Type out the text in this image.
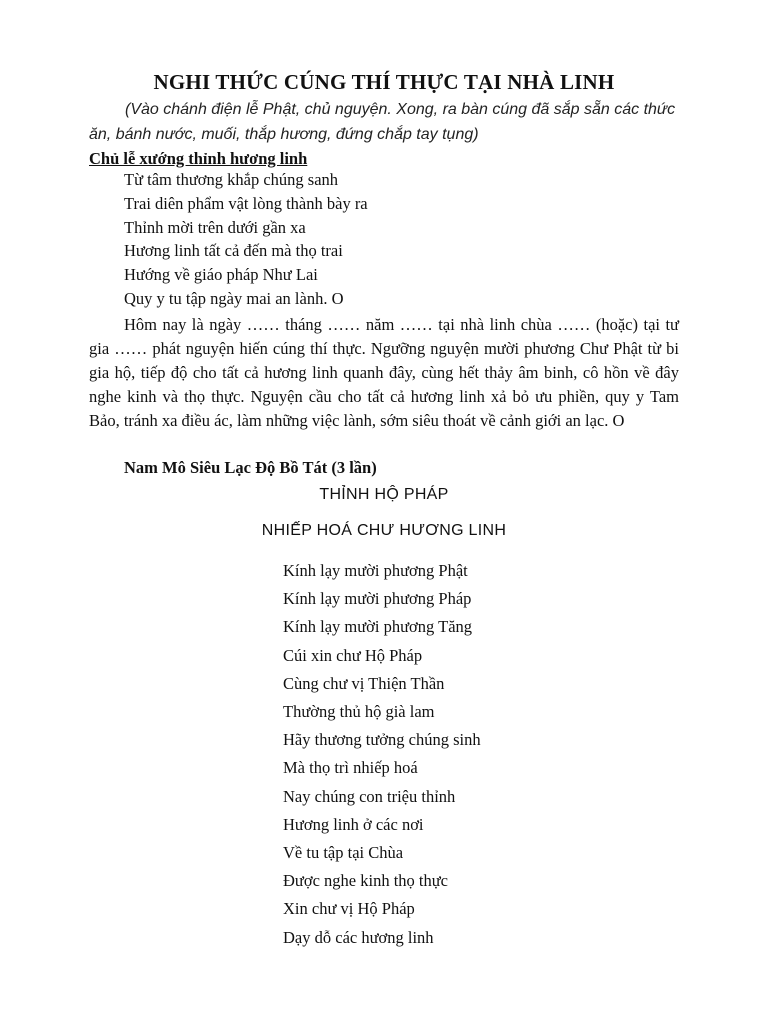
NGHI THỨC CÚNG THÍ THỰC TẠI NHÀ LINH
(Vào chánh điện lễ Phật, chủ nguyện. Xong, ra bàn cúng đã sắp sẵn các thức ăn, bánh nước, muối, thắp hương, đứng chắp tay tụng)
Chủ lễ xướng thỉnh hương linh
Từ tâm thương khắp chúng sanh
Trai diên phẩm vật lòng thành bày ra
Thỉnh mời trên dưới gần xa
Hương linh tất cả đến mà thọ trai
Hướng về giáo pháp Như Lai
Quy y tu tập ngày mai an lành. O
Hôm nay là ngày …… tháng …… năm …… tại nhà linh chùa …… (hoặc) tại tư gia …… phát nguyện hiến cúng thí thực. Ngưỡng nguyện mười phương Chư Phật từ bi gia hộ, tiếp độ cho tất cả hương linh quanh đây, cùng hết thảy âm binh, cô hồn về đây nghe kinh và thọ thực. Nguyện cầu cho tất cả hương linh xả bỏ ưu phiền, quy y Tam Bảo, tránh xa điều ác, làm những việc lành, sớm siêu thoát về cảnh giới an lạc. O
Nam Mô Siêu Lạc Độ Bồ Tát (3 lần)
THỈNH HỘ PHÁP
NHIẾP HOÁ CHƯ HƯƠNG LINH
Kính lạy mười phương Phật
Kính lạy mười phương Pháp
Kính lạy mười phương Tăng
Cúi xin chư Hộ Pháp
Cùng chư vị Thiện Thần
Thường thủ hộ già lam
Hãy thương tưởng chúng sinh
Mà thọ trì nhiếp hoá
Nay chúng con triệu thỉnh
Hương linh ở các nơi
Về tu tập tại Chùa
Được nghe kinh thọ thực
Xin chư vị Hộ Pháp
Dạy dỗ các hương linh
